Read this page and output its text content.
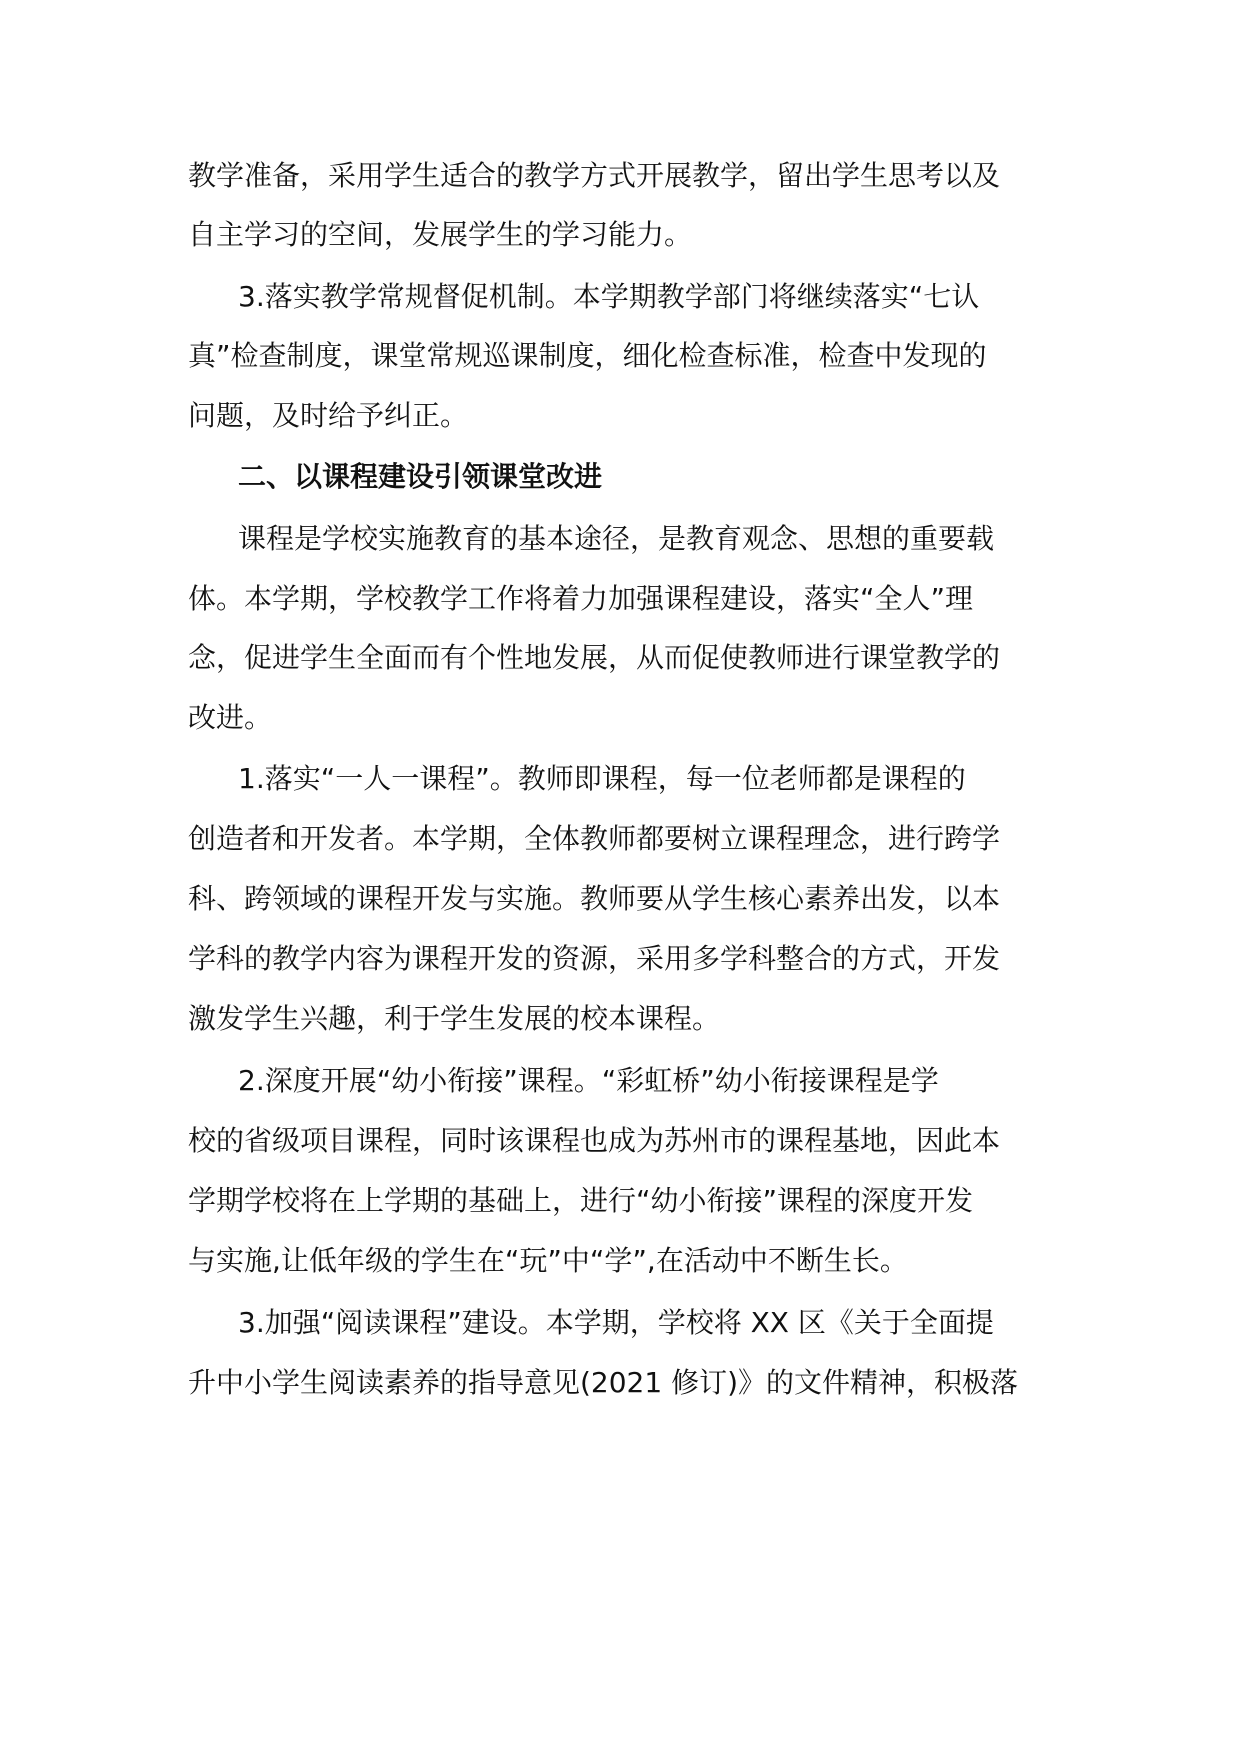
教学准备，采用学生适合的教学方式开展教学，留出学生思考以及
自主学习的空间，发展学生的学习能力。
3.落实教学常规督促机制。本学期教学部门将继续落实“七认
真”检查制度，课堂常规巡课制度，细化检查标准，检查中发现的
问题，及时给予纠正。
二、以课程建设引领课堂改进
课程是学校实施教育的基本途径，是教育观念、思想的重要载
体。本学期，学校教学工作将着力加强课程建设，落实“全人”理
念，促进学生全面而有个性地发展，从而促使教师进行课堂教学的
改进。
1.落实“一人一课程”。教师即课程，每一位老师都是课程的
创造者和开发者。本学期，全体教师都要树立课程理念，进行跨学
科、跨领域的课程开发与实施。教师要从学生核心素养出发，以本
学科的教学内容为课程开发的资源，采用多学科整合的方式，开发
激发学生兴趣，利于学生发展的校本课程。
2.深度开展“幼小衔接”课程。“彩虹桥”幼小衔接课程是学
校的省级项目课程，同时该课程也成为苏州市的课程基地，因此本
学期学校将在上学期的基础上，进行“幼小衔接”课程的深度开发
与实施,让低年级的学生在“玩”中“学”,在活动中不断生长。
3.加强“阅读课程”建设。本学期，学校将 XX 区《关于全面提
升中小学生阅读素养的指导意见(2021 修订)》的文件精神，积极落
